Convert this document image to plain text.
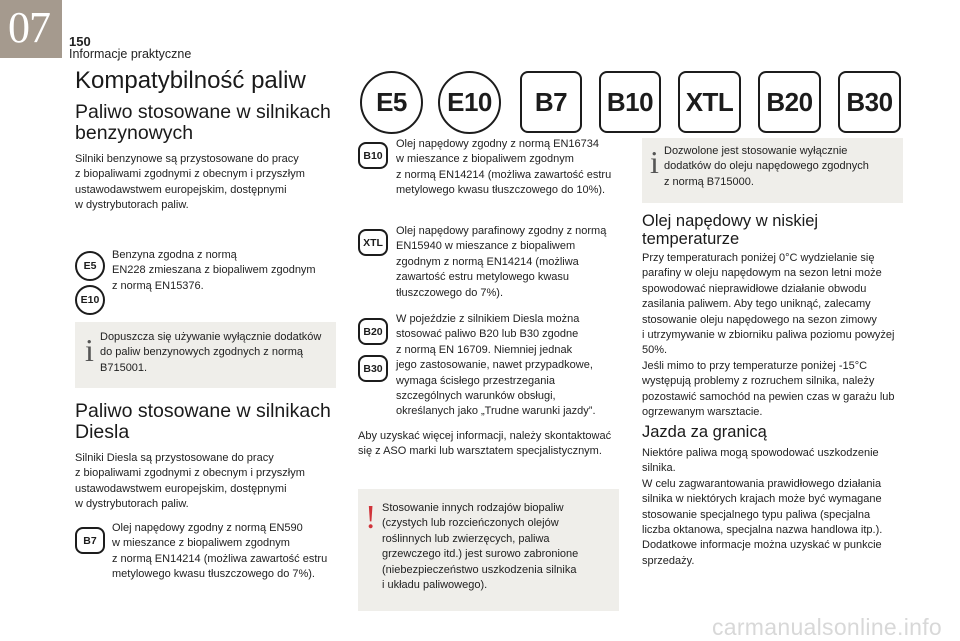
07 150
Informacje praktyczne
Kompatybilność paliw
Paliwo stosowane w silnikach benzynowych
Silniki benzynowe są przystosowane do pracy
z biopaliwami zgodnymi z obecnym i przyszłym
ustawodawstwem europejskim, dostępnymi
w dystrybutorach paliw.
E5
E10
Benzyna zgodna z normą
EN228 zmieszana z biopaliwem zgodnym
z normą EN15376.
i Dopuszcza się używanie wyłącznie dodatków
do paliw benzynowych zgodnych z normą
B715001.
Paliwo stosowane w silnikach Diesla
Silniki Diesla są przystosowane do pracy
z biopaliwami zgodnymi z obecnym i przyszłym
ustawodawstwem europejskim, dostępnymi
w dystrybutorach paliw.
B7
Olej napędowy zgodny z normą EN590
w mieszance z biopaliwem zgodnym
z normą EN14214 (możliwa zawartość estru
metylowego kwasu tłuszczowego do 7%).
E5	E10	B7	B10	XTL	B20	B30
B10
Olej napędowy zgodny z normą EN16734
w mieszance z biopaliwem zgodnym
z normą EN14214 (możliwa zawartość estru
metylowego kwasu tłuszczowego do 10%).
XTL
Olej napędowy parafinowy zgodny z normą
EN15940 w mieszance z biopaliwem
zgodnym z normą EN14214 (możliwa
zawartość estru metylowego kwasu
tłuszczowego do 7%).
B20
B30
W pojeździe z silnikiem Diesla można
stosować paliwo B20 lub B30 zgodne
z normą EN 16709. Niemniej jednak
jego zastosowanie, nawet przypadkowe,
wymaga ścisłego przestrzegania
szczególnych warunków obsługi,
określanych jako „Trudne warunki jazdy”.
Aby uzyskać więcej informacji, należy skontaktować
się z ASO marki lub warsztatem specjalistycznym.
! Stosowanie innych rodzajów biopaliw
(czystych lub rozcieńczonych olejów
roślinnych lub zwierzęcych, paliwa
grzewczego itd.) jest surowo zabronione
(niebezpieczeństwo uszkodzenia silnika
i układu paliwowego).
i Dozwolone jest stosowanie wyłącznie
dodatków do oleju napędowego zgodnych
z normą B715000.
Olej napędowy w niskiej temperaturze
Przy temperaturach poniżej 0°C wydzielanie się
parafiny w oleju napędowym na sezon letni może
spowodować nieprawidłowe działanie obwodu
zasilania paliwem. Aby tego uniknąć, zalecamy
stosowanie oleju napędowego na sezon zimowy
i utrzymywanie w zbiorniku paliwa poziomu powyżej
50%.
Jeśli mimo to przy temperaturze poniżej -15°C
występują problemy z rozruchem silnika, należy
pozostawić samochód na pewien czas w garażu lub
ogrzewanym warsztacie.
Jazda za granicą
Niektóre paliwa mogą spowodować uszkodzenie
silnika.
W celu zagwarantowania prawidłowego działania
silnika w niektórych krajach może być wymagane
stosowanie specjalnego typu paliwa (specjalna
liczba oktanowa, specjalna nazwa handlowa itp.).
Dodatkowe informacje można uzyskać w punkcie
sprzedaży.
carmanualsonline.info
